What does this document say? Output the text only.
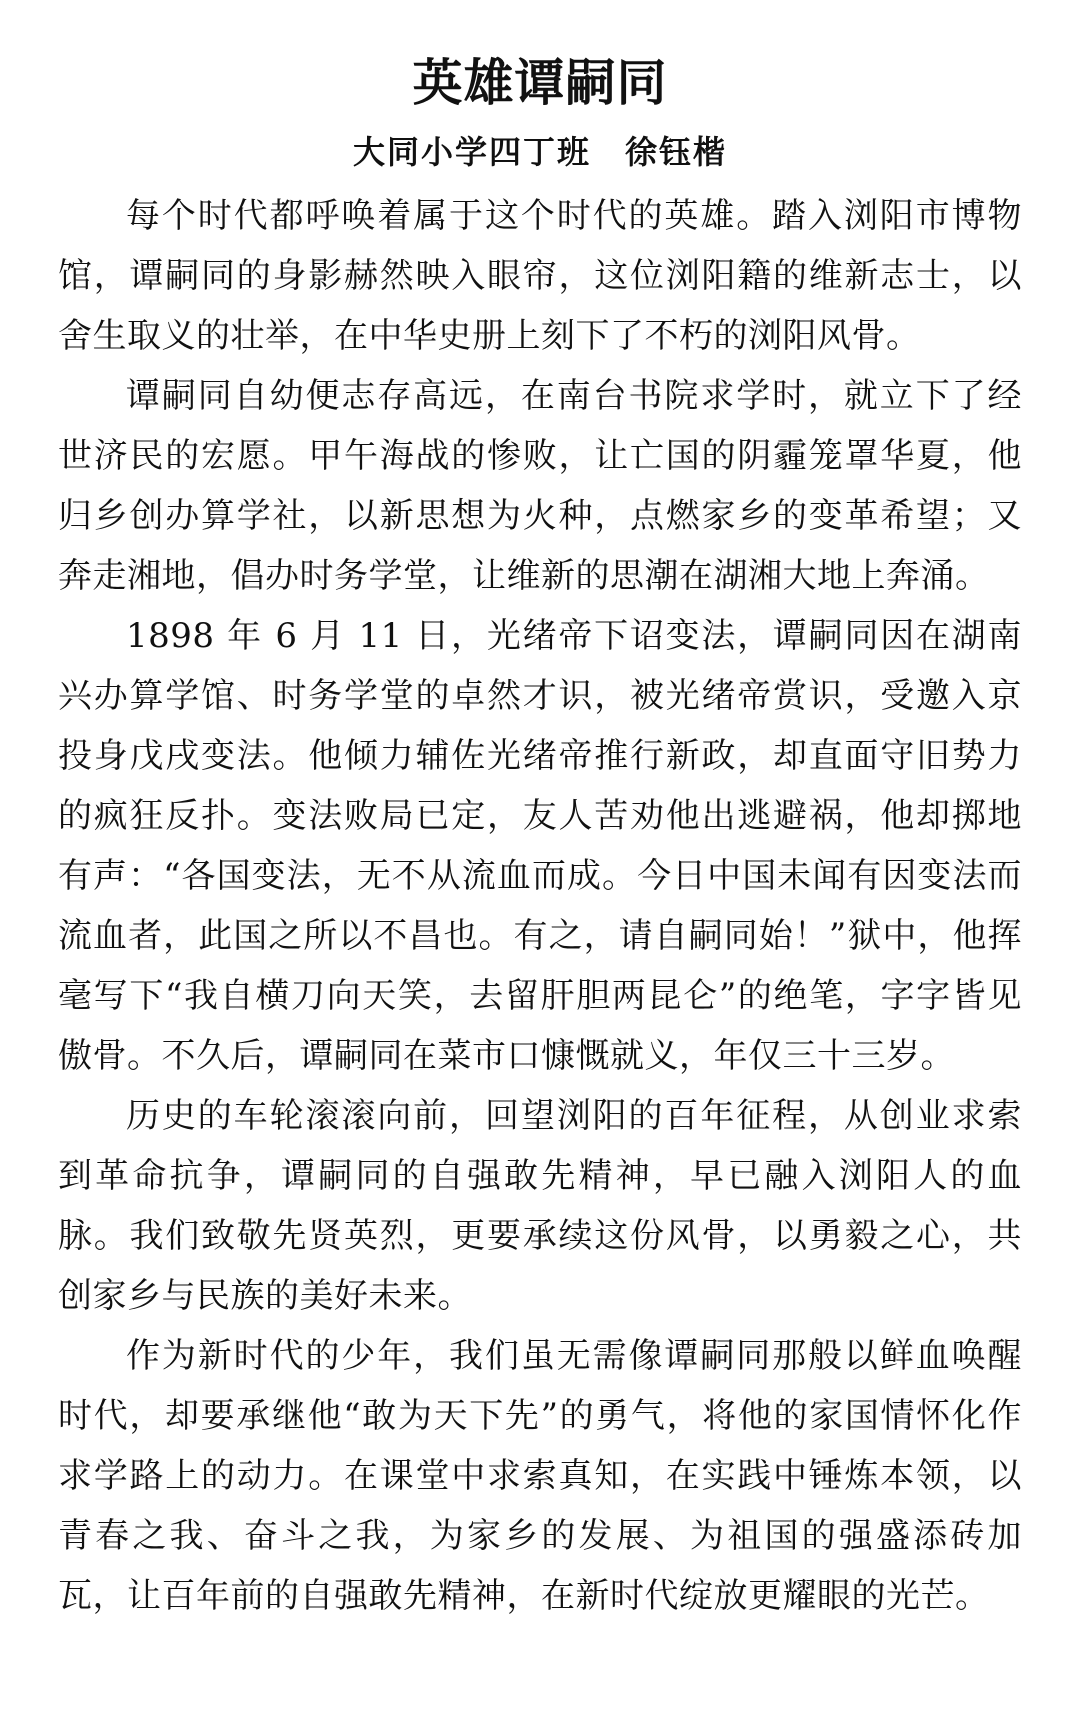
英雄谭嗣同
大同小学四丁班　徐钰楷

每个时代都呼唤着属于这个时代的英雄。踏入浏阳市博物馆，谭嗣同的身影赫然映入眼帘，这位浏阳籍的维新志士，以舍生取义的壮举，在中华史册上刻下了不朽的浏阳风骨。

谭嗣同自幼便志存高远，在南台书院求学时，就立下了经世济民的宏愿。甲午海战的惨败，让亡国的阴霾笼罩华夏，他归乡创办算学社，以新思想为火种，点燃家乡的变革希望；又奔走湘地，倡办时务学堂，让维新的思潮在湖湘大地上奔涌。

1898 年 6 月 11 日，光绪帝下诏变法，谭嗣同因在湖南兴办算学馆、时务学堂的卓然才识，被光绪帝赏识，受邀入京投身戊戌变法。他倾力辅佐光绪帝推行新政，却直面守旧势力的疯狂反扑。变法败局已定，友人苦劝他出逃避祸，他却掷地有声：“各国变法，无不从流血而成。今日中国未闻有因变法而流血者，此国之所以不昌也。有之，请自嗣同始！”狱中，他挥毫写下“我自横刀向天笑，去留肝胆两昆仑”的绝笔，字字皆见傲骨。不久后，谭嗣同在菜市口慷慨就义，年仅三十三岁。

历史的车轮滚滚向前，回望浏阳的百年征程，从创业求索到革命抗争，谭嗣同的自强敢先精神，早已融入浏阳人的血脉。我们致敬先贤英烈，更要承续这份风骨，以勇毅之心，共创家乡与民族的美好未来。

作为新时代的少年，我们虽无需像谭嗣同那般以鲜血唤醒时代，却要承继他“敢为天下先”的勇气，将他的家国情怀化作求学路上的动力。在课堂中求索真知，在实践中锤炼本领，以青春之我、奋斗之我，为家乡的发展、为祖国的强盛添砖加瓦，让百年前的自强敢先精神，在新时代绽放更耀眼的光芒。
